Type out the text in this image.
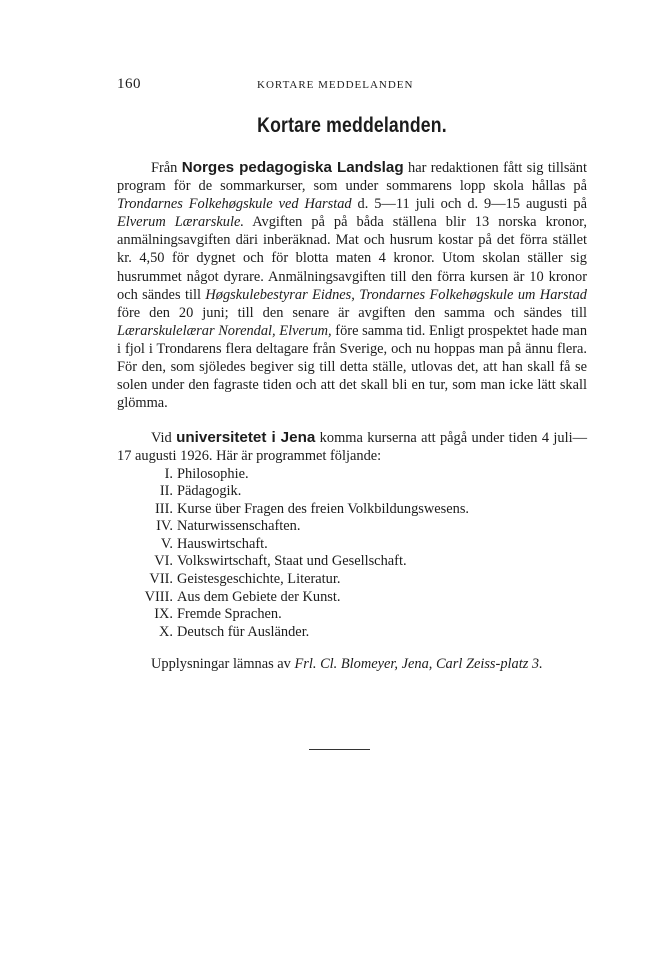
160	KORTARE MEDDELANDEN
Kortare meddelanden.

Från Norges pedagogiska Landslag har redaktionen fått sig tillsänt program för de sommarkurser, som under sommarens lopp skola hållas på Trondarnes Folkehøgskule ved Harstad d. 5—11 juli och d. 9—15 augusti på Elverum Lærarskule. Avgiften på på båda ställena blir 13 norska kronor, anmälningsavgiften däri inberäknad. Mat och husrum kostar på det förra stället kr. 4,50 för dygnet och för blotta maten 4 kronor. Utom skolan ställer sig husrummet något dyrare. Anmälningsavgiften till den förra kursen är 10 kronor och sändes till Høgskulebestyrar Eidnes, Trondarnes Folkehøgskule um Harstad före den 20 juni; till den senare är avgiften den samma och sändes till Lærarskulelærar Norendal, Elverum, före samma tid. Enligt prospektet hade man i fjol i Trondarens flera deltagare från Sverige, och nu hoppas man på ännu flera. För den, som sjöledes begiver sig till detta ställe, utlovas det, att han skall få se solen under den fagraste tiden och att det skall bli en tur, som man icke lätt skall glömma.

Vid universitetet i Jena komma kurserna att pågå under tiden 4 juli—17 augusti 1926. Här är programmet följande:

I. Philosophie.
II. Pädagogik.
III. Kurse über Fragen des freien Volkbildungswesens.
IV. Naturwissenschaften.
V. Hauswirtschaft.
VI. Volkswirtschaft, Staat und Gesellschaft.
VII. Geistesgeschichte, Literatur.
VIII. Aus dem Gebiete der Kunst.
IX. Fremde Sprachen.
X. Deutsch für Ausländer.

Upplysningar lämnas av Frl. Cl. Blomeyer, Jena, Carl Zeiss-platz 3.
